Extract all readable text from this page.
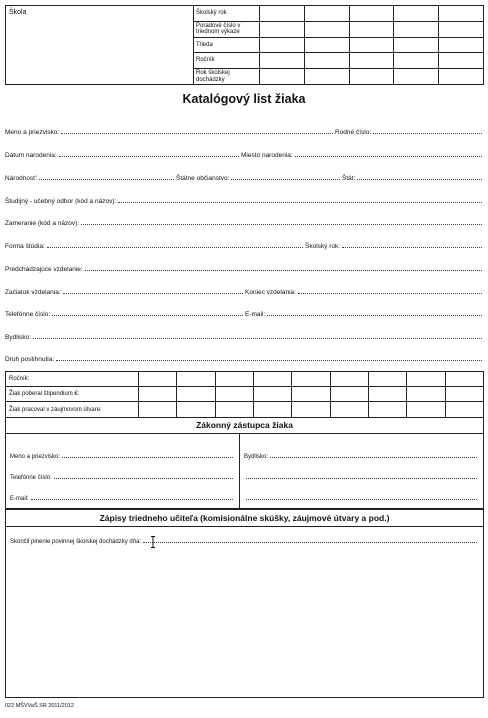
Škola	Školský rok
Poradové číslo v triednom výkaze
Trieda
Ročník
Rok školskej dochádzky
Katalógový list žiaka
Meno a priezvisko:	Rodné číslo:
Dátum narodenia:	Miesto narodenia:
Národnosť:	Štátne občianstvo:	Štát:
Študijný - učebný odbor (kód a názov):
Zameranie (kód a názov):
Forma štúdia:	Školský rok:
Predchádzajúce vzdelanie:
Začiatok vzdelania:	Koniec vzdelania:
Telefónne číslo:	E-mail:
Bydlisko:
Druh postihnutia:
Ročník:
Žiak poberal štipendium €:
Žiak pracoval v záujmovom útvare:
Zákonný zástupca žiaka
Meno a priezvisko:
Telefónne číslo:
E-mail:
Bydlisko:
Zápisy triedneho učiteľa (komisionálne skúšky, záujmové útvary a pod.)
Skončil plnenie povinnej školskej dochádzky dňa:
022 MŠVVaŠ SR 2011/2012
